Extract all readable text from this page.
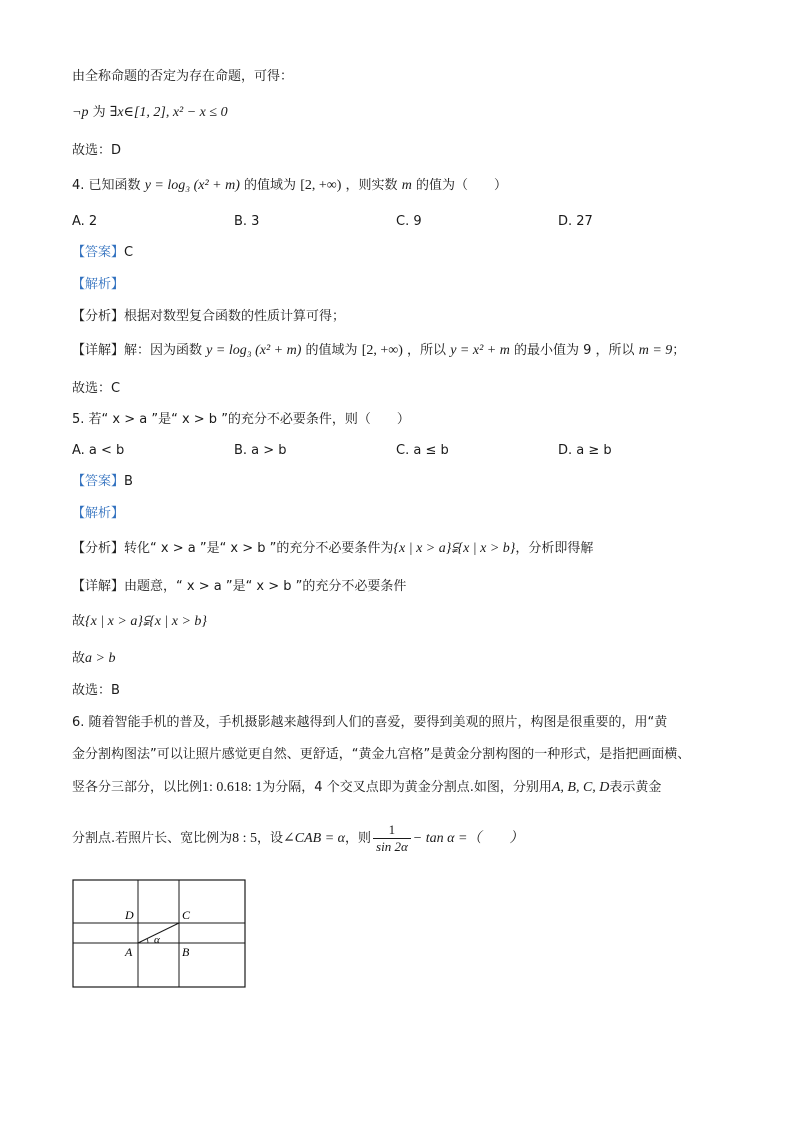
由全称命题的否定为存在命题，可得：
¬p 为 ∃x∈[1, 2], x² − x ≤ 0
故选：D
4. 已知函数 y = log₃ (x² + m) 的值域为 [2, +∞) ，则实数 m 的值为（　　）
A. 2	B. 3	C. 9	D. 27
【答案】C
【解析】
【分析】根据对数型复合函数的性质计算可得；
【详解】解：因为函数 y = log₃ (x² + m) 的值域为 [2, +∞) ，所以 y = x² + m 的最小值为 9 ，所以 m = 9；
故选：C
5. 若“ x > a ”是“ x > b ”的充分不必要条件，则（　　）
A. a < b	B. a > b	C. a ≤ b	D. a ≥ b
【答案】B
【解析】
【分析】转化“ x > a ”是“ x > b ”的充分不必要条件为{x | x > a}⫋{x | x > b}，分析即得解
【详解】由题意，“ x > a ”是“ x > b ”的充分不必要条件
故{x | x > a}⫋{x | x > b}
故a > b
故选：B
6. 随着智能手机的普及，手机摄影越来越得到人们的喜爱，要得到美观的照片，构图是很重要的，用“黄
金分割构图法”可以让照片感觉更自然、更舒适，“黄金九宫格”是黄金分割构图的一种形式，是指把画面横、
竖各分三部分，以比例1: 0.618: 1为分隔，4 个交叉点即为黄金分割点.如图，分别用A, B, C, D表示黄金
分割点.若照片长、宽比例为8 : 5，设∠CAB = α，则 $\frac{1}{\sin 2\alpha} - \tan \alpha$ =（　　）
D	C
A	B
α
